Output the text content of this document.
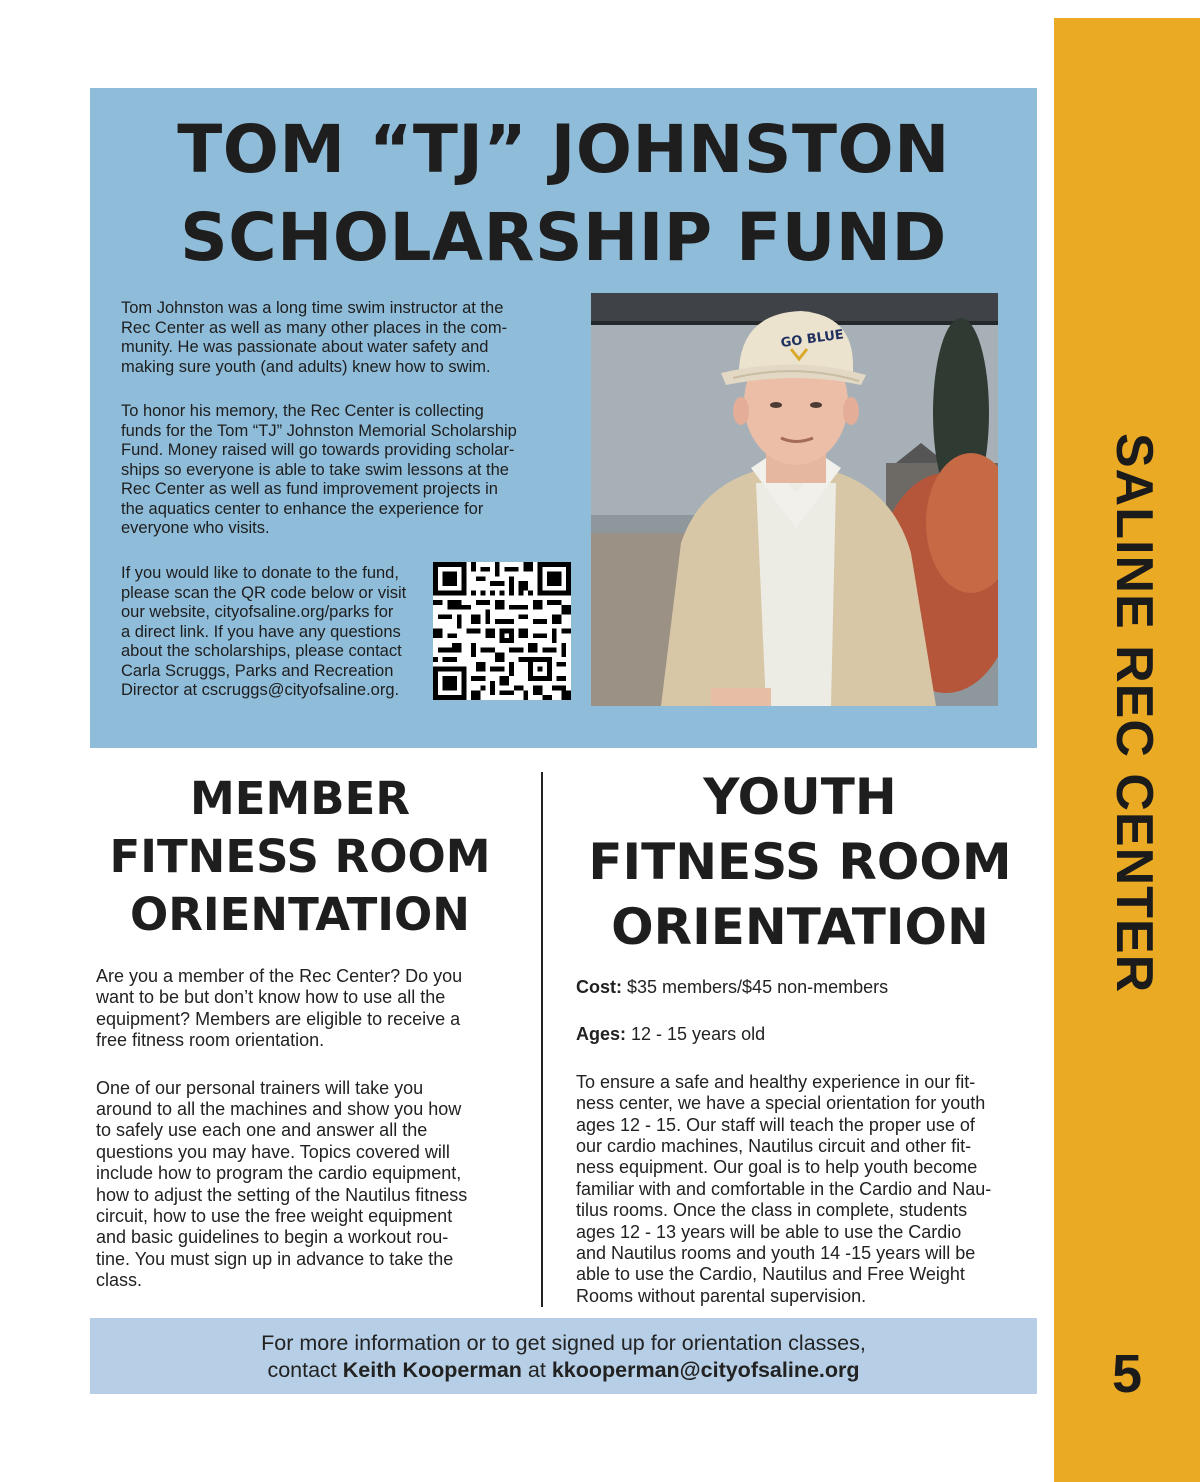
SALINE REC CENTER
5
TOM “TJ” JOHNSTON
SCHOLARSHIP FUND
Tom Johnston was a long time swim instructor at the
Rec Center as well as many other places in the com-
munity. He was passionate about water safety and
making sure youth (and adults) knew how to swim.
To honor his memory, the Rec Center is collecting
funds for the Tom “TJ” Johnston Memorial Scholarship
Fund. Money raised will go towards providing scholar-
ships so everyone is able to take swim lessons at the
Rec Center as well as fund improvement projects in
the aquatics center to enhance the experience for
everyone who visits.
If you would like to donate to the fund,
please scan the QR code below or visit
our website, cityofsaline.org/parks for
a direct link. If you have any questions
about the scholarships, please contact
Carla Scruggs, Parks and Recreation
Director at cscruggs@cityofsaline.org.
GO BLUE
MEMBER
FITNESS ROOM
ORIENTATION

Are you a member of the Rec Center? Do you
want to be but don’t know how to use all the
equipment? Members are eligible to receive a
free fitness room orientation.

One of our personal trainers will take you
around to all the machines and show you how
to safely use each one and answer all the
questions you may have. Topics covered will
include how to program the cardio equipment,
how to adjust the setting of the Nautilus fitness
circuit, how to use the free weight equipment
and basic guidelines to begin a workout rou-
tine. You must sign up in advance to take the
class.

YOUTH
FITNESS ROOM
ORIENTATION

Cost: $35 members/$45 non-members

Ages: 12 - 15 years old

To ensure a safe and healthy experience in our fit-
ness center, we have a special orientation for youth
ages 12 - 15. Our staff will teach the proper use of
our cardio machines, Nautilus circuit and other fit-
ness equipment. Our goal is to help youth become
familiar with and comfortable in the Cardio and Nau-
tilus rooms. Once the class in complete, students
ages 12 - 13 years will be able to use the Cardio
and Nautilus rooms and youth 14 -15 years will be
able to use the Cardio, Nautilus and Free Weight
Rooms without parental supervision.

For more information or to get signed up for orientation classes,
contact Keith Kooperman at kkooperman@cityofsaline.org
